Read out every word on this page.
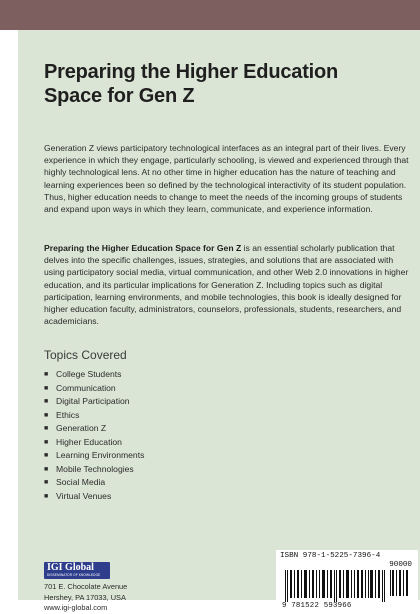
Preparing the Higher Education
Space for Gen Z
Generation Z views participatory technological interfaces as an integral part of their lives. Every experience in which they engage, particularly schooling, is viewed and experienced through that highly technological lens. At no other time in higher education has the nature of teaching and learning experiences been so defined by the technological interactivity of its student population. Thus, higher education needs to change to meet the needs of the incoming groups of students and expand upon ways in which they learn, communicate, and experience information.
Preparing the Higher Education Space for Gen Z is an essential scholarly publication that delves into the specific challenges, issues, strategies, and solutions that are associated with using participatory social media, virtual communication, and other Web 2.0 innovations in higher education, and its particular implications for Generation Z. Including topics such as digital participation, learning environments, and mobile technologies, this book is ideally designed for higher education faculty, administrators, counselors, professionals, students, researchers, and academicians.
Topics Covered
■ College Students
■ Communication
■ Digital Participation
■ Ethics
■ Generation Z
■ Higher Education
■ Learning Environments
■ Mobile Technologies
■ Social Media
■ Virtual Venues
IGI Global
DISSEMINATOR OF KNOWLEDGE
701 E. Chocolate Avenue
Hershey, PA 17033, USA
www.igi-global.com
ISBN 978-1-5225-7396-4
90000
9 781522 593966
